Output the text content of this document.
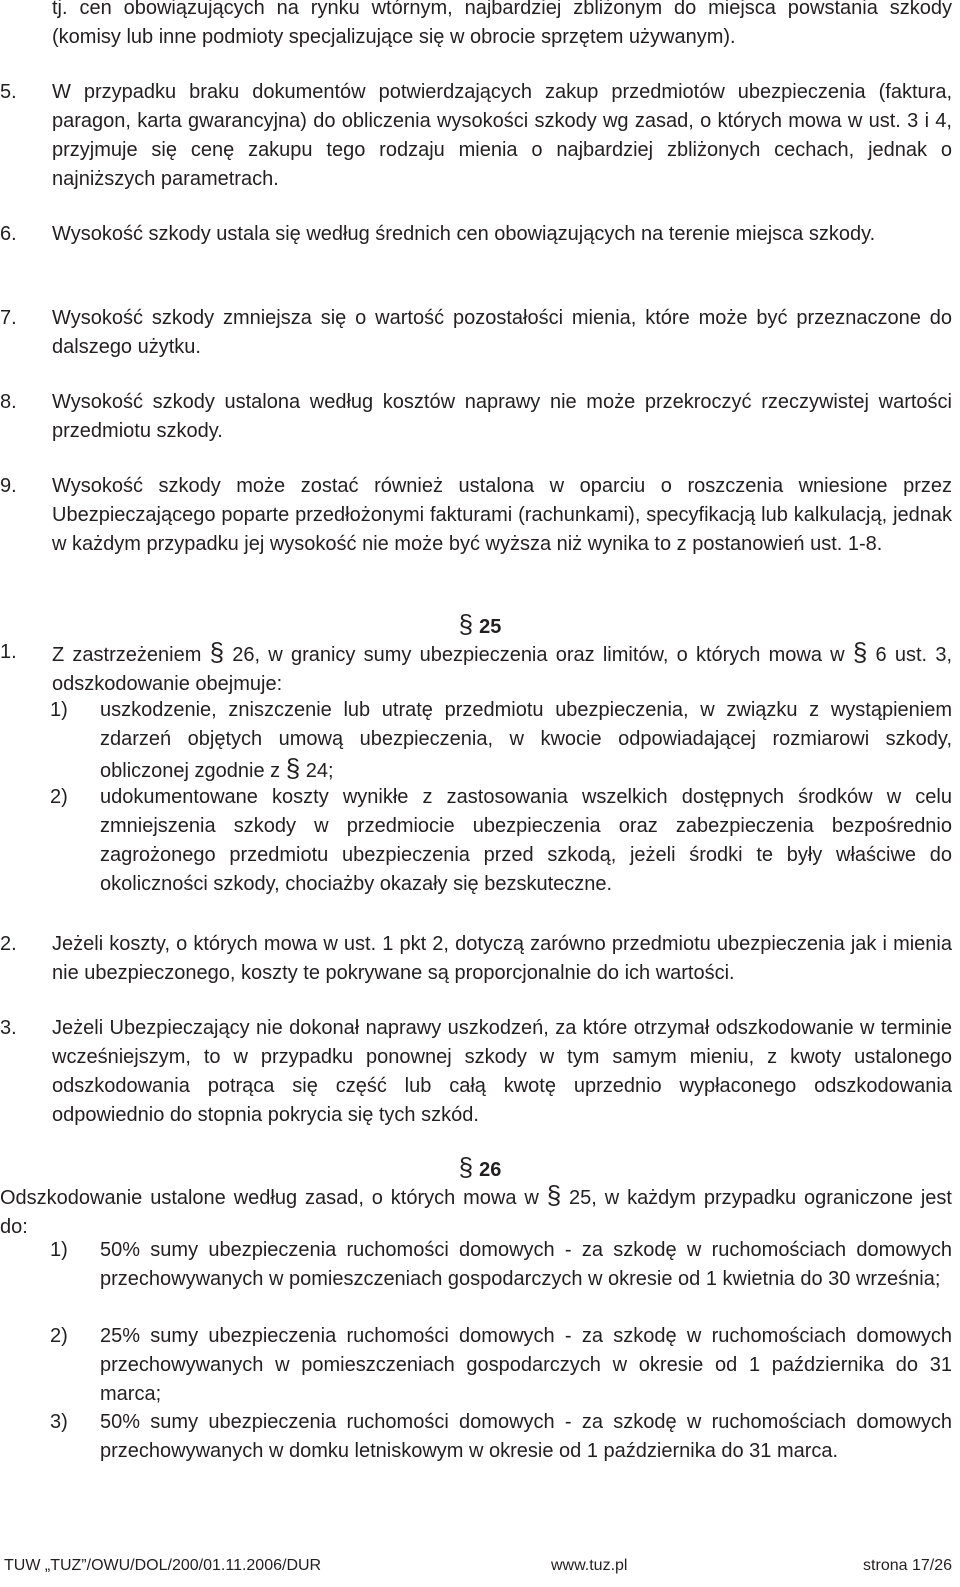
tj. cen obowiązujących na rynku wtórnym, najbardziej zbliżonym do miejsca powstania szkody (komisy lub inne podmioty specjalizujące się w obrocie sprzętem używanym).
5. W przypadku braku dokumentów potwierdzających zakup przedmiotów ubezpieczenia (faktura, paragon, karta gwarancyjna) do obliczenia wysokości szkody wg zasad, o których mowa w ust. 3 i 4, przyjmuje się cenę zakupu tego rodzaju mienia o najbardziej zbliżonych cechach, jednak o najniższych parametrach.
6. Wysokość szkody ustala się według średnich cen obowiązujących na terenie miejsca szkody.
7. Wysokość szkody zmniejsza się o wartość pozostałości mienia, które może być przeznaczone do dalszego użytku.
8. Wysokość szkody ustalona według kosztów naprawy nie może przekroczyć rzeczywistej wartości przedmiotu szkody.
9. Wysokość szkody może zostać również ustalona w oparciu o roszczenia wniesione przez Ubezpieczającego poparte przedłożonymi fakturami (rachunkami), specyfikacją lub kalkulacją, jednak w każdym przypadku jej wysokość nie może być wyższa niż wynika to z postanowień ust. 1-8.
§ 25
1. Z zastrzeżeniem § 26, w granicy sumy ubezpieczenia oraz limitów, o których mowa w § 6 ust. 3, odszkodowanie obejmuje:
1) uszkodzenie, zniszczenie lub utratę przedmiotu ubezpieczenia, w związku z wystąpieniem zdarzeń objętych umową ubezpieczenia, w kwocie odpowiadającej rozmiarowi szkody, obliczonej zgodnie z § 24;
2) udokumentowane koszty wynikłe z zastosowania wszelkich dostępnych środków w celu zmniejszenia szkody w przedmiocie ubezpieczenia oraz zabezpieczenia bezpośrednio zagrożonego przedmiotu ubezpieczenia przed szkodą, jeżeli środki te były właściwe do okoliczności szkody, chociażby okazały się bezskuteczne.
2. Jeżeli koszty, o których mowa w ust. 1 pkt 2, dotyczą zarówno przedmiotu ubezpieczenia jak i mienia nie ubezpieczonego, koszty te pokrywane są proporcjonalnie do ich wartości.
3. Jeżeli Ubezpieczający nie dokonał naprawy uszkodzeń, za które otrzymał odszkodowanie w terminie wcześniejszym, to w przypadku ponownej szkody w tym samym mieniu, z kwoty ustalonego odszkodowania potrąca się część lub całą kwotę uprzednio wypłaconego odszkodowania odpowiednio do stopnia pokrycia się tych szkód.
§ 26
Odszkodowanie ustalone według zasad, o których mowa w § 25, w każdym przypadku ograniczone jest do:
1) 50% sumy ubezpieczenia ruchomości domowych - za szkodę w ruchomościach domowych przechowywanych w pomieszczeniach gospodarczych w okresie od 1 kwietnia do 30 września;
2) 25% sumy ubezpieczenia ruchomości domowych - za szkodę w ruchomościach domowych przechowywanych w pomieszczeniach gospodarczych w okresie od 1 października do 31 marca;
3) 50% sumy ubezpieczenia ruchomości domowych - za szkodę w ruchomościach domowych przechowywanych w domku letniskowym w okresie od 1 października do 31 marca.
TUW „TUZ”/OWU/DOL/200/01.11.2006/DUR	www.tuz.pl	strona 17/26
